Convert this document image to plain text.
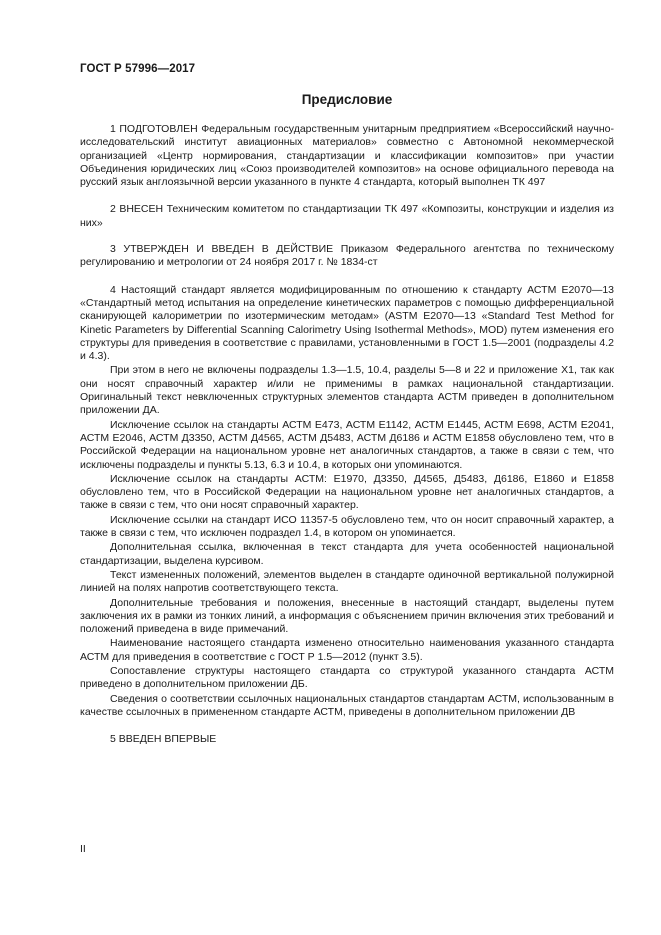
ГОСТ Р 57996—2017
Предисловие

1 ПОДГОТОВЛЕН Федеральным государственным унитарным предприятием «Всероссийский научно-исследовательский институт авиационных материалов» совместно с Автономной некоммерческой организацией «Центр нормирования, стандартизации и классификации композитов» при участии Объединения юридических лиц «Союз производителей композитов» на основе официального перевода на русский язык англоязычной версии указанного в пункте 4 стандарта, который выполнен ТК 497

2 ВНЕСЕН Техническим комитетом по стандартизации ТК 497 «Композиты, конструкции и изделия из них»

3 УТВЕРЖДЕН И ВВЕДЕН В ДЕЙСТВИЕ Приказом Федерального агентства по техническому регулированию и метрологии от 24 ноября 2017 г. № 1834-ст

4 Настоящий стандарт является модифицированным по отношению к стандарту АСТМ Е2070—13 «Стандартный метод испытания на определение кинетических параметров с помощью дифференциальной сканирующей калориметрии по изотермическим методам» (ASTM E2070—13 «Standard Test Method for Kinetic Parameters by Differential Scanning Calorimetry Using Isothermal Methods», MOD) путем изменения его структуры для приведения в соответствие с правилами, установленными в ГОСТ 1.5—2001 (подразделы 4.2 и 4.3).

При этом в него не включены подразделы 1.3—1.5, 10.4, разделы 5—8 и 22 и приложение X1, так как они носят справочный характер и/или не применимы в рамках национальной стандартизации. Оригинальный текст невключенных структурных элементов стандарта АСТМ приведен в дополнительном приложении ДА.

Исключение ссылок на стандарты АСТМ Е473, АСТМ Е1142, АСТМ Е1445, АСТМ Е698, АСТМ Е2041, АСТМ Е2046, АСТМ Д3350, АСТМ Д4565, АСТМ Д5483, АСТМ Д6186 и АСТМ Е1858 обусловлено тем, что в Российской Федерации на национальном уровне нет аналогичных стандартов, а также в связи с тем, что исключены подразделы и пункты 5.13, 6.3 и 10.4, в которых они упоминаются.

Исключение ссылок на стандарты АСТМ: Е1970, Д3350, Д4565, Д5483, Д6186, Е1860 и Е1858 обусловлено тем, что в Российской Федерации на национальном уровне нет аналогичных стандартов, а также в связи с тем, что они носят справочный характер.

Исключение ссылки на стандарт ИСО 11357-5 обусловлено тем, что он носит справочный характер, а также в связи с тем, что исключен подраздел 1.4, в котором он упоминается.

Дополнительная ссылка, включенная в текст стандарта для учета особенностей национальной стандартизации, выделена курсивом.

Текст измененных положений, элементов выделен в стандарте одиночной вертикальной полужирной линией на полях напротив соответствующего текста.

Дополнительные требования и положения, внесенные в настоящий стандарт, выделены путем заключения их в рамки из тонких линий, а информация с объяснением причин включения этих требований и положений приведена в виде примечаний.

Наименование настоящего стандарта изменено относительно наименования указанного стандарта АСТМ для приведения в соответствие с ГОСТ Р 1.5—2012 (пункт 3.5).

Сопоставление структуры настоящего стандарта со структурой указанного стандарта АСТМ приведено в дополнительном приложении ДБ.

Сведения о соответствии ссылочных национальных стандартов стандартам АСТМ, использованным в качестве ссылочных в примененном стандарте АСТМ, приведены в дополнительном приложении ДВ

5 ВВЕДЕН ВПЕРВЫЕ

II
